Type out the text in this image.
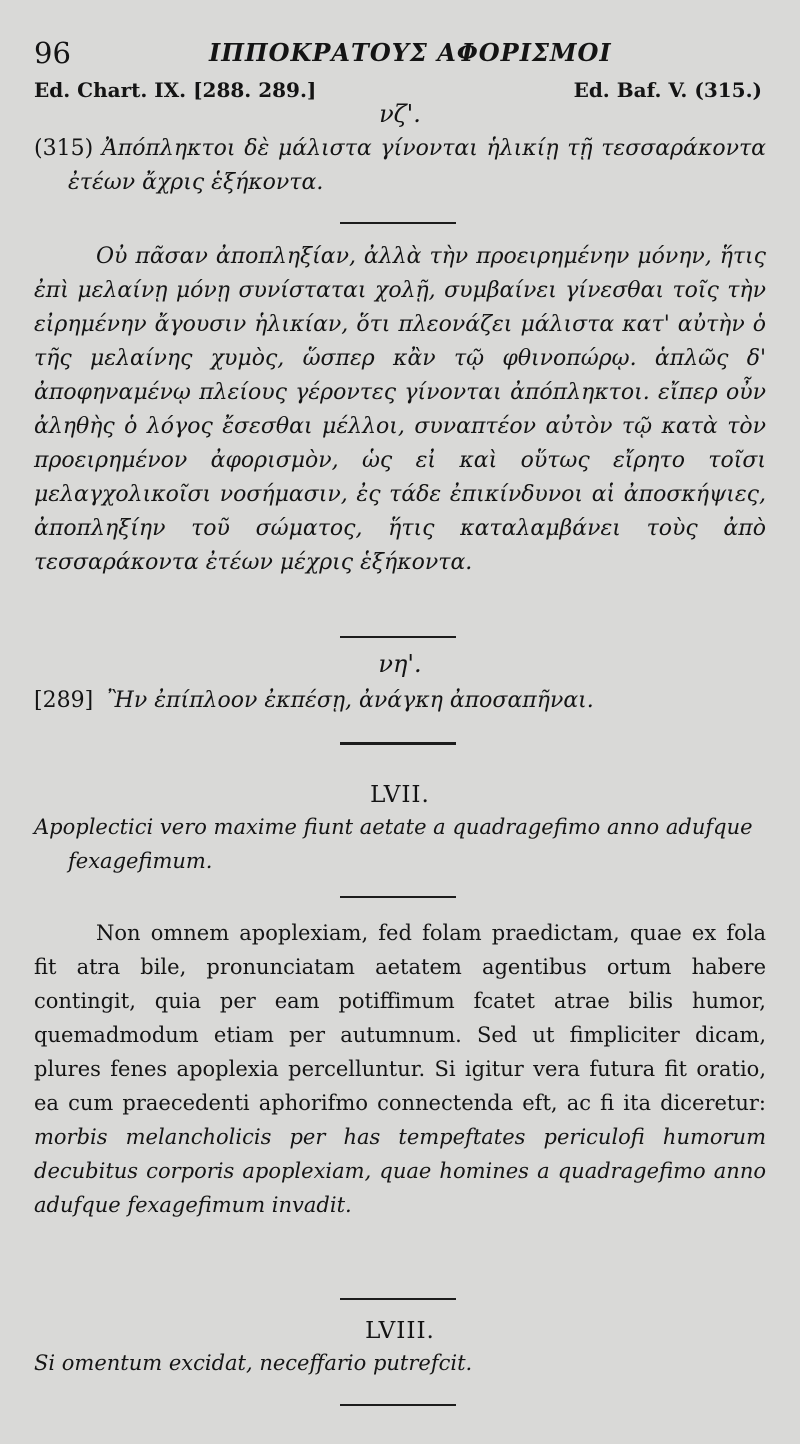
96	ΙΠΠΟΚΡΑΤΟΥΣ ΑΦΟΡΙΣΜΟΙ
Ed. Chart. IX. [288. 289.]	Ed. Baf. V. (315.)
νζ'.

(315) Ἀπόπληκτοι δὲ μάλιστα γίνονται ἡλικίῃ τῇ τεσσαράκοντα ἐτέων ἄχρις ἑξήκοντα.

Οὐ πᾶσαν ἀποπληξίαν, ἀλλὰ τὴν προειρημένην μόνην, ἥτις ἐπὶ μελαίνῃ μόνῃ συνίσταται χολῇ, συμβαίνει γίνεσθαι τοῖς τὴν εἰρημένην ἄγουσιν ἡλικίαν, ὅτι πλεονάζει μάλιστα κατ' αὐτὴν ὁ τῆς μελαίνης χυμὸς, ὥσπερ κἂν τῷ φθινοπώρῳ. ἁπλῶς δ' ἀποφηναμένῳ πλείους γέροντες γίνονται ἀπόπληκτοι. εἴπερ οὖν ἀληθὴς ὁ λόγος ἔσεσθαι μέλλοι, συναπτέον αὐτὸν τῷ κατὰ τὸν προειρημένον ἀφορισμὸν, ὡς εἰ καὶ οὕτως εἴρητο τοῖσι μελαγχολικοῖσι νοσήμασιν, ἐς τάδε ἐπικίνδυνοι αἱ ἀποσκήψιες, ἀποπληξίην τοῦ σώματος, ἥτις καταλαμβάνει τοὺς ἀπὸ τεσσαράκοντα ἐτέων μέχρις ἑξήκοντα.

νη'.

[289] Ἢν ἐπίπλοον ἐκπέσῃ, ἀνάγκη ἀποσαπῆναι.

LVII.

Apoplectici vero maxime fiunt aetate a quadragefimo anno adufque fexagefimum.

Non omnem apoplexiam, fed folam praedictam, quae ex fola fit atra bile, pronunciatam aetatem agentibus ortum habere contingit, quia per eam potiffimum fcatet atrae bilis humor, quemadmodum etiam per autumnum. Sed ut fimpliciter dicam, plures fenes apoplexia percelluntur. Si igitur vera futura fit oratio, ea cum praecedenti aphorifmo connectenda eft, ac fi ita diceretur: morbis melancholicis per has tempeftates periculofi humorum decubitus corporis apoplexiam, quae homines a quadragefimo anno adufque fexagefimum invadit.

LVIII.

Si omentum excidat, neceffario putrefcit.
